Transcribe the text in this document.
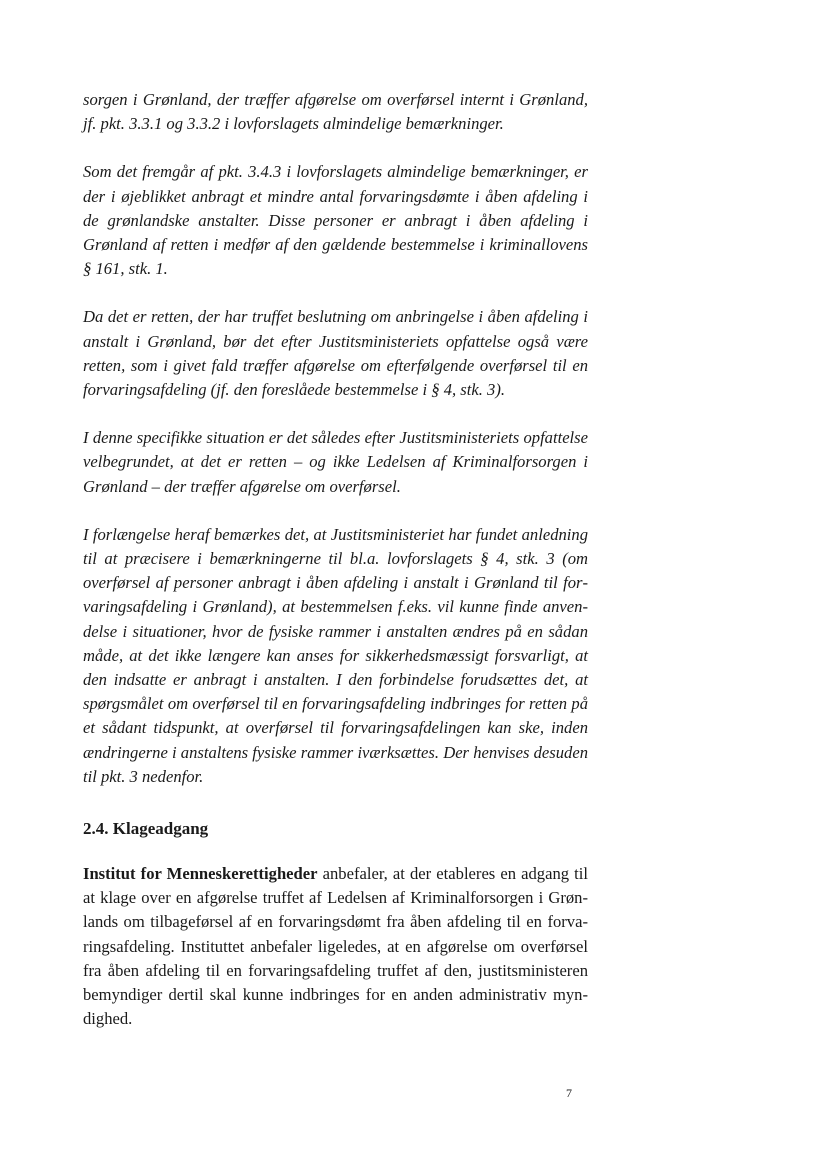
sorgen i Grønland, der træffer afgørelse om overførsel internt i Grønland, jf. pkt. 3.3.1 og 3.3.2 i lovforslagets almindelige bemærkninger.

Som det fremgår af pkt. 3.4.3 i lovforslagets almindelige bemærkninger, er der i øjeblikket anbragt et mindre antal forvaringsdømte i åben afdeling i de grønlandske anstalter. Disse personer er anbragt i åben afdeling i Grønland af retten i medfør af den gældende bestemmelse i kriminallovens § 161, stk. 1.

Da det er retten, der har truffet beslutning om anbringelse i åben afdeling i anstalt i Grønland, bør det efter Justitsministeriets opfattelse også være retten, som i givet fald træffer afgørelse om efterfølgende overførsel til en forvaringsafdeling (jf. den foreslåede bestemmelse i § 4, stk. 3).

I denne specifikke situation er det således efter Justitsministeriets opfattelse velbegrundet, at det er retten – og ikke Ledelsen af Kriminalforsorgen i Grønland – der træffer afgørelse om overførsel.

I forlængelse heraf bemærkes det, at Justitsministeriet har fundet anledning til at præcisere i bemærkningerne til bl.a. lovforslagets § 4, stk. 3 (om overførsel af personer anbragt i åben afdeling i anstalt i Grønland til forvaringsafdeling i Grønland), at bestemmelsen f.eks. vil kunne finde anvendelse i situationer, hvor de fysiske rammer i anstalten ændres på en sådan måde, at det ikke længere kan anses for sikkerhedsmæssigt forsvarligt, at den indsatte er anbragt i anstalten. I den forbindelse forudsættes det, at spørgsmålet om overførsel til en forvaringsafdeling indbringes for retten på et sådant tidspunkt, at overførsel til forvaringsafdelingen kan ske, inden ændringerne i anstaltens fysiske rammer iværksættes. Der henvises desuden til pkt. 3 nedenfor.

2.4. Klageadgang

Institut for Menneskerettigheder anbefaler, at der etableres en adgang til at klage over en afgørelse truffet af Ledelsen af Kriminalforsorgen i Grønlands om tilbageførsel af en forvaringsdømt fra åben afdeling til en forvaringsafdeling. Instituttet anbefaler ligeledes, at en afgørelse om overførsel fra åben afdeling til en forvaringsafdeling truffet af den, justitsministeren bemyndiger dertil skal kunne indbringes for en anden administrativ myndighed.

7
